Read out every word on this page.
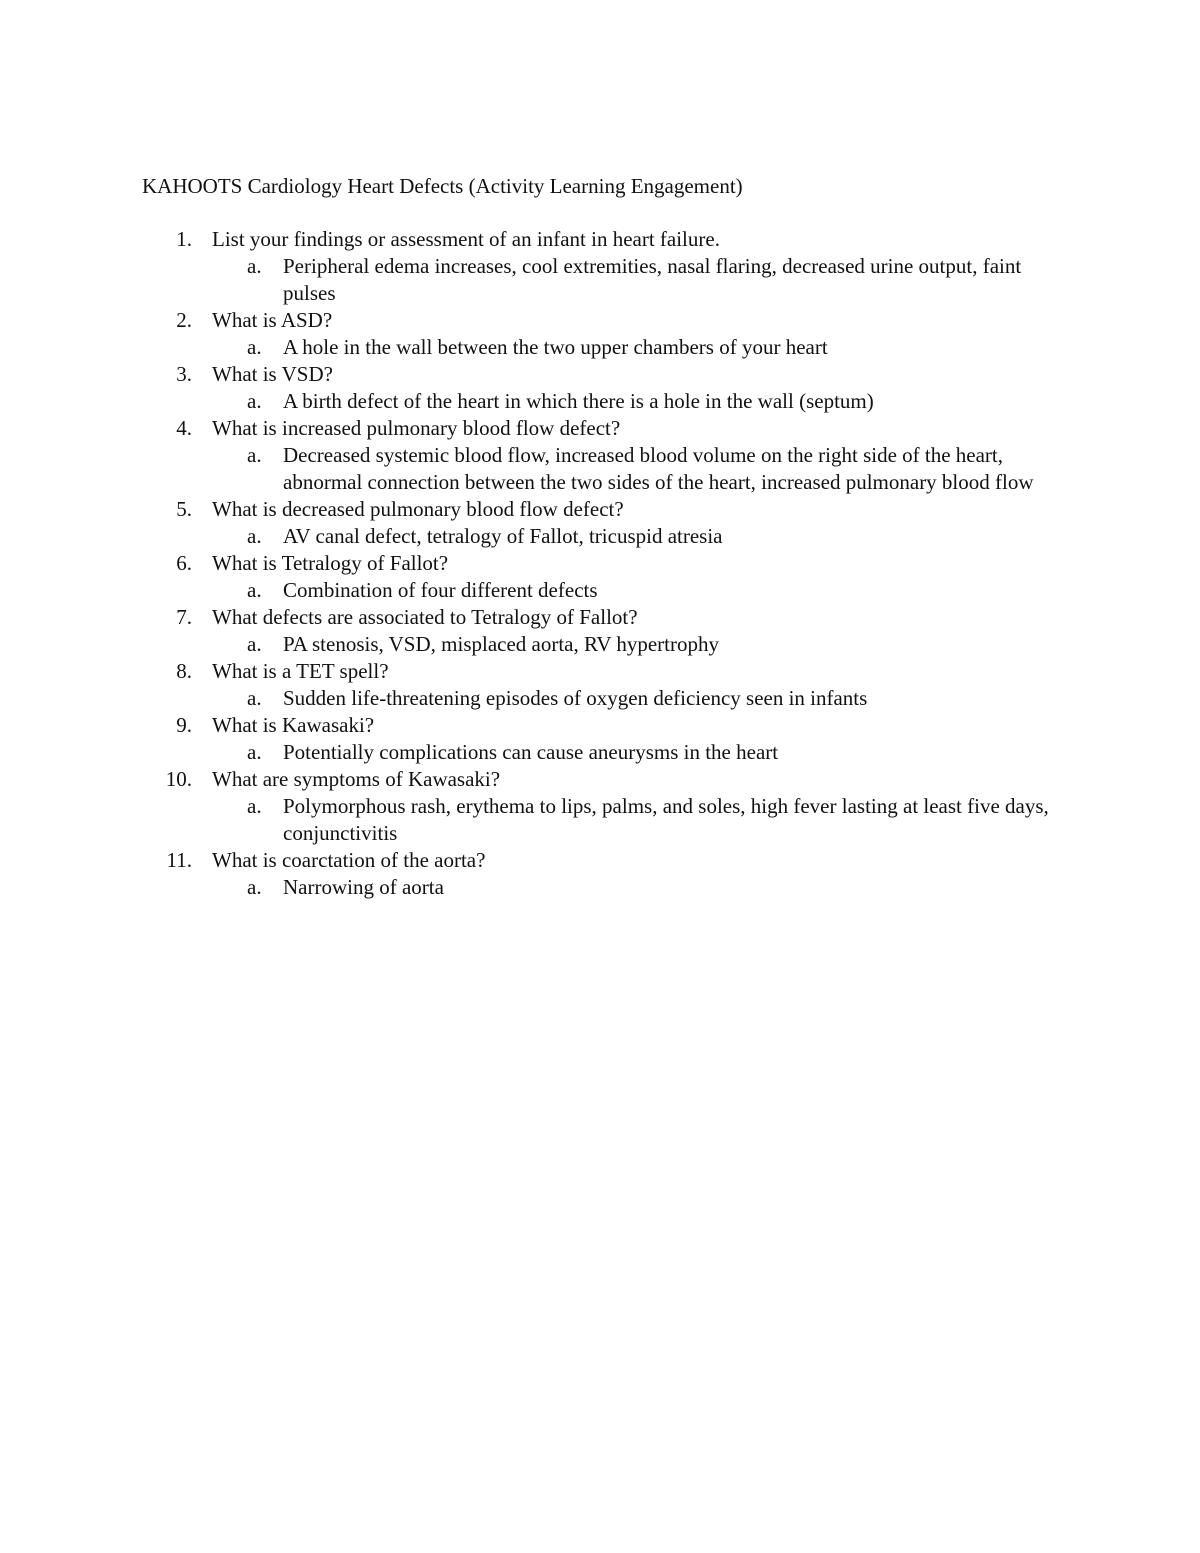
KAHOOTS Cardiology Heart Defects (Activity Learning Engagement)
1. List your findings or assessment of an infant in heart failure.
a. Peripheral edema increases, cool extremities, nasal flaring, decreased urine output, faint pulses
2. What is ASD?
a. A hole in the wall between the two upper chambers of your heart
3. What is VSD?
a. A birth defect of the heart in which there is a hole in the wall (septum)
4. What is increased pulmonary blood flow defect?
a. Decreased systemic blood flow, increased blood volume on the right side of the heart, abnormal connection between the two sides of the heart, increased pulmonary blood flow
5. What is decreased pulmonary blood flow defect?
a. AV canal defect, tetralogy of Fallot, tricuspid atresia
6. What is Tetralogy of Fallot?
a. Combination of four different defects
7. What defects are associated to Tetralogy of Fallot?
a. PA stenosis, VSD, misplaced aorta, RV hypertrophy
8. What is a TET spell?
a. Sudden life-threatening episodes of oxygen deficiency seen in infants
9. What is Kawasaki?
a. Potentially complications can cause aneurysms in the heart
10. What are symptoms of Kawasaki?
a. Polymorphous rash, erythema to lips, palms, and soles, high fever lasting at least five days, conjunctivitis
11. What is coarctation of the aorta?
a. Narrowing of aorta
